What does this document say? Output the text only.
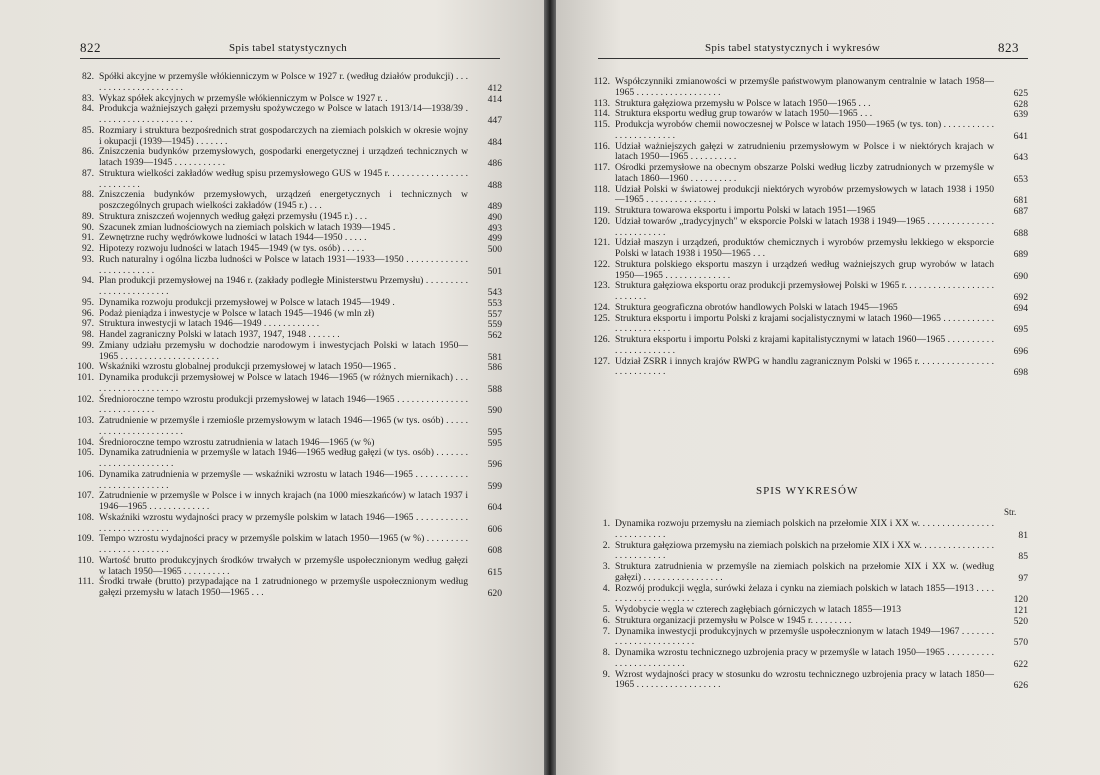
822	Spis tabel statystycznych
82. Spółki akcyjne w przemyśle włókienniczym w Polsce w 1927 r. (według działów produkcji) . . . . . . . . . . . . . . . . . . . . .	412
83. Wykaz spółek akcyjnych w przemyśle włókienniczym w Polsce w 1927 r. .	414
84. Produkcja ważniejszych gałęzi przemysłu spożywczego w Polsce w latach 1913/14—1938/39 . . . . . . . . . . . . . . . . . . . . .	447
85. Rozmiary i struktura bezpośrednich strat gospodarczych na ziemiach polskich w okresie wojny i okupacji (1939—1945) . . . . . . .	484
86. Zniszczenia budynków przemysłowych, gospodarki energetycznej i urządzeń technicznych w latach 1939—1945 . . . . . . . . . . .	486
87. Struktura wielkości zakładów według spisu przemysłowego GUS w 1945 r. . . . . . . . . . . . . . . . . . . . . . . . . .	488
88. Zniszczenia budynków przemysłowych, urządzeń energetycznych i technicznych w poszczególnych grupach wielkości zakładów (1945 r.) . . .	489
89. Struktura zniszczeń wojennych według gałęzi przemysłu (1945 r.) . . .	490
90. Szacunek zmian ludnościowych na ziemiach polskich w latach 1939—1945 .	493
91. Zewnętrzne ruchy wędrówkowe ludności w latach 1944—1950 . . . . .	499
92. Hipotezy rozwoju ludności w latach 1945—1949 (w tys. osób) . . . . .	500
93. Ruch naturalny i ogólna liczba ludności w Polsce w latach 1931—1933—1950 . . . . . . . . . . . . . . . . . . . . . . . . .	501
94. Plan produkcji przemysłowej na 1946 r. (zakłady podległe Ministerstwu Przemysłu) . . . . . . . . . . . . . . . . . . . . . . . .	543
95. Dynamika rozwoju produkcji przemysłowej w Polsce w latach 1945—1949 .	553
96. Podaż pieniądza i inwestycje w Polsce w latach 1945—1946 (w mln zł)	557
97. Struktura inwestycji w latach 1946—1949 . . . . . . . . . . . .	559
98. Handel zagraniczny Polski w latach 1937, 1947, 1948 . . . . . . .	562
99. Zmiany udziału przemysłu w dochodzie narodowym i inwestycjach Polski w latach 1950—1965 . . . . . . . . . . . . . . . . . . . . .	581
100. Wskaźniki wzrostu globalnej produkcji przemysłowej w latach 1950—1965 .	586
101. Dynamika produkcji przemysłowej w Polsce w latach 1946—1965 (w różnych miernikach) . . . . . . . . . . . . . . . . . . . .	588
102. Średnioroczne tempo wzrostu produkcji przemysłowej w latach 1946—1965 . . . . . . . . . . . . . . . . . . . . . . . . . . .	590
103. Zatrudnienie w przemyśle i rzemiośle przemysłowym w latach 1946—1965 (w tys. osób) . . . . . . . . . . . . . . . . . . . . . . .	595
104. Średnioroczne tempo wzrostu zatrudnienia w latach 1946—1965 (w %)	595
105. Dynamika zatrudnienia w przemyśle w latach 1946—1965 według gałęzi (w tys. osób) . . . . . . . . . . . . . . . . . . . . . . .	596
106. Dynamika zatrudnienia w przemyśle — wskaźniki wzrostu w latach 1946—1965 . . . . . . . . . . . . . . . . . . . . . . . . . .	599
107. Zatrudnienie w przemyśle w Polsce i w innych krajach (na 1000 mieszkańców) w latach 1937 i 1946—1965 . . . . . . . . . . . . .	604
108. Wskaźniki wzrostu wydajności pracy w przemyśle polskim w latach 1946—1965 . . . . . . . . . . . . . . . . . . . . . . . . . .	606
109. Tempo wzrostu wydajności pracy w przemyśle polskim w latach 1950—1965 (w %) . . . . . . . . . . . . . . . . . . . . . . . .	608
110. Wartość brutto produkcyjnych środków trwałych w przemyśle uspołecznionym według gałęzi w latach 1950—1965 . . . . . . . . . .	615
111. Środki trwałe (brutto) przypadające na 1 zatrudnionego w przemyśle uspołecznionym według gałęzi przemysłu w latach 1950—1965 . . .	620
Spis tabel statystycznych i wykresów	823
112. Współczynniki zmianowości w przemyśle państwowym planowanym centralnie w latach 1958—1965 . . . . . . . . . . . . . . . . . .	625
113. Struktura gałęziowa przemysłu w Polsce w latach 1950—1965 . . .	628
114. Struktura eksportu według grup towarów w latach 1950—1965 . . .	639
115. Produkcja wyrobów chemii nowoczesnej w Polsce w latach 1950—1965 (w tys. ton) . . . . . . . . . . . . . . . . . . . . . . . .	641
116. Udział ważniejszych gałęzi w zatrudnieniu przemysłowym w Polsce i w niektórych krajach w latach 1950—1965 . . . . . . . . . .	643
117. Ośrodki przemysłowe na obecnym obszarze Polski według liczby zatrudnionych w przemyśle w latach 1860—1960 . . . . . . . . . .	653
118. Udział Polski w światowej produkcji niektórych wyrobów przemysłowych w latach 1938 i 1950—1965 . . . . . . . . . . . . . . .	681
119. Struktura towarowa eksportu i importu Polski w latach 1951—1965	687
120. Udział towarów „tradycyjnych" w eksporcie Polski w latach 1938 i 1949—1965 . . . . . . . . . . . . . . . . . . . . . . . . .	688
121. Udział maszyn i urządzeń, produktów chemicznych i wyrobów przemysłu lekkiego w eksporcie Polski w latach 1938 i 1950—1965 . . .	689
122. Struktura polskiego eksportu maszyn i urządzeń według ważniejszych grup wyrobów w latach 1950—1965 . . . . . . . . . . . . . .	690
123. Struktura gałęziowa eksportu oraz produkcji przemysłowej Polski w 1965 r. . . . . . . . . . . . . . . . . . . . . . . . . .	692
124. Struktura geograficzna obrotów handlowych Polski w latach 1945—1965	694
125. Struktura eksportu i importu Polski z krajami socjalistycznymi w latach 1960—1965 . . . . . . . . . . . . . . . . . . . . . . .	695
126. Struktura eksportu i importu Polski z krajami kapitalistycznymi w latach 1960—1965 . . . . . . . . . . . . . . . . . . . . . . .	696
127. Udział ZSRR i innych krajów RWPG w handlu zagranicznym Polski w 1965 r. . . . . . . . . . . . . . . . . . . . . . . . . . .	698
SPIS WYKRESÓW
Str.
1. Dynamika rozwoju przemysłu na ziemiach polskich na przełomie XIX i XX w. . . . . . . . . . . . . . . . . . . . . . . . . . .	81
2. Struktura gałęziowa przemysłu na ziemiach polskich na przełomie XIX i XX w. . . . . . . . . . . . . . . . . . . . . . . . . . .	85
3. Struktura zatrudnienia w przemyśle na ziemiach polskich na przełomie XIX i XX w. (według gałęzi) . . . . . . . . . . . . . . . . .	97
4. Rozwój produkcji węgla, surówki żelaza i cynku na ziemiach polskich w latach 1855—1913 . . . . . . . . . . . . . . . . . . . . .	120
5. Wydobycie węgla w czterech zagłębiach górniczych w latach 1855—1913	121
6. Struktura organizacji przemysłu w Polsce w 1945 r. . . . . . . . .	520
7. Dynamika inwestycji produkcyjnych w przemyśle uspołecznionym w latach 1949—1967 . . . . . . . . . . . . . . . . . . . . . . . .	570
8. Dynamika wzrostu technicznego uzbrojenia pracy w przemyśle w latach 1950—1965 . . . . . . . . . . . . . . . . . . . . . . . . .	622
9. Wzrost wydajności pracy w stosunku do wzrostu technicznego uzbrojenia pracy w latach 1850—1965 . . . . . . . . . . . . . . . . . .	626
